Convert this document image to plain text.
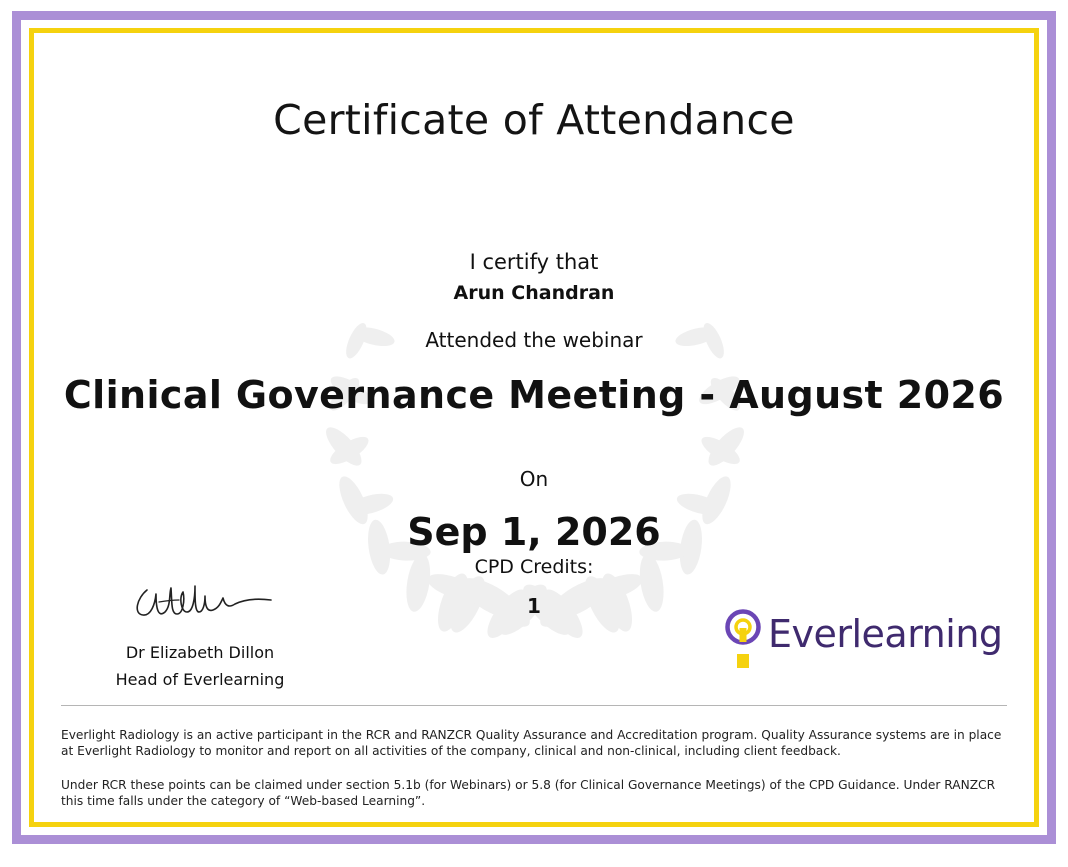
Certificate of Attendance
I certify that
Arun Chandran
Attended the webinar
Clinical Governance Meeting - August 2026
On
Sep 1, 2026
CPD Credits:
1
Dr Elizabeth Dillon
Head of Everlearning
Everlearning
Everlight Radiology is an active participant in the RCR and RANZCR Quality Assurance and Accreditation program. Quality Assurance systems are in place at Everlight Radiology to monitor and report on all activities of the company, clinical and non-clinical, including client feedback.
Under RCR these points can be claimed under section 5.1b (for Webinars) or 5.8 (for Clinical Governance Meetings) of the CPD Guidance. Under RANZCR this time falls under the category of “Web-based Learning”.
